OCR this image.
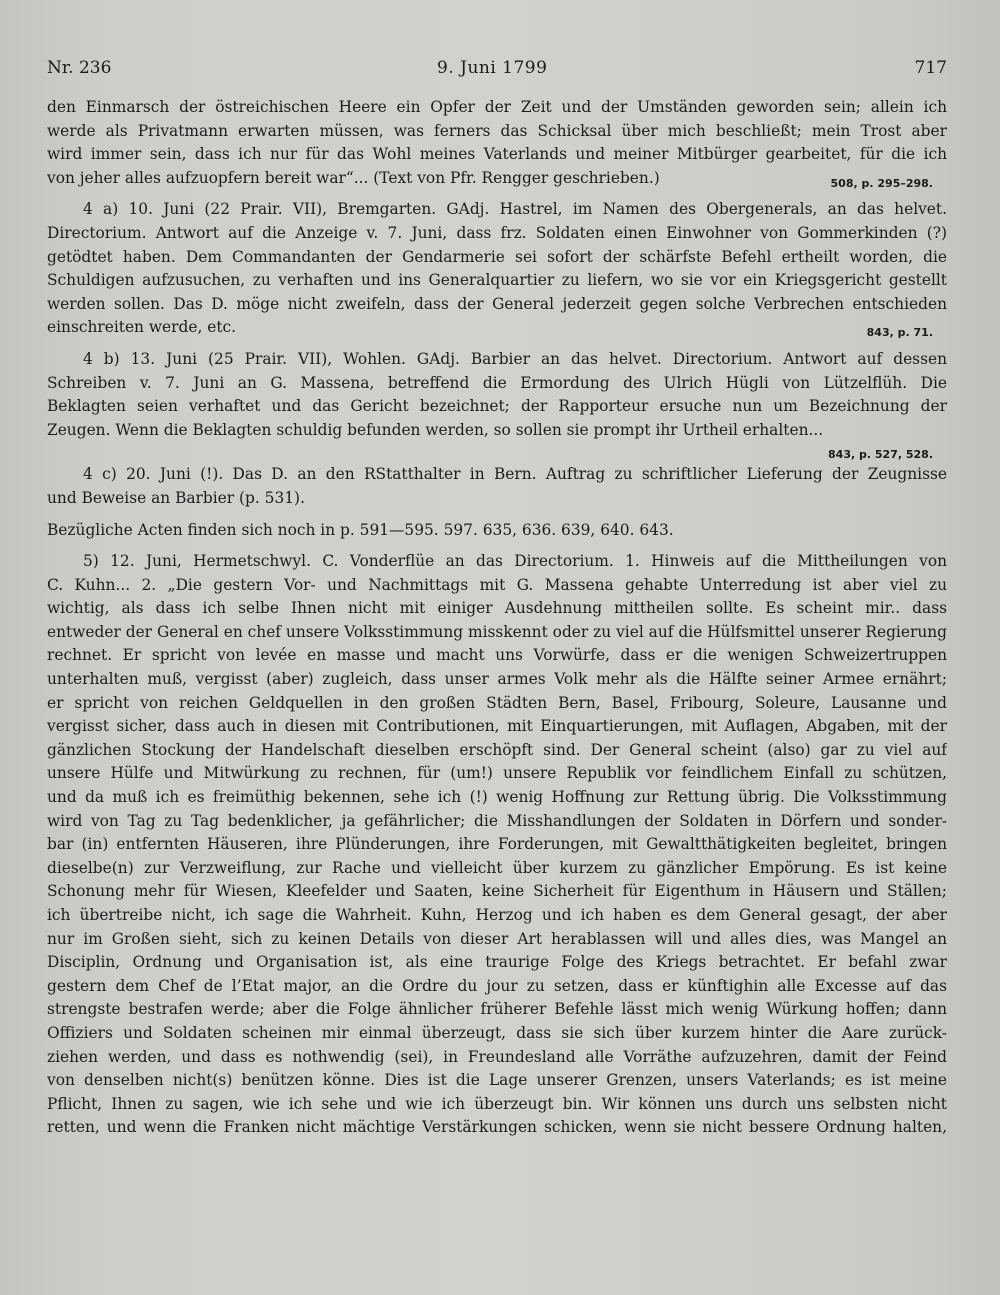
Nr. 236	9. Juni 1799	717
den Einmarsch der östreichischen Heere ein Opfer der Zeit und der Umständen geworden sein; allein ich
werde als Privatmann erwarten müssen, was ferners das Schicksal über mich beschließt; mein Trost aber
wird immer sein, dass ich nur für das Wohl meines Vaterlands und meiner Mitbürger gearbeitet, für die ich
von jeher alles aufzuopfern bereit war“... (Text von Pfr. Rengger geschrieben.)	508, p. 295–298.
4 a) 10. Juni (22 Prair. VII), Bremgarten. GAdj. Hastrel, im Namen des Obergenerals, an das helvet.
Directorium. Antwort auf die Anzeige v. 7. Juni, dass frz. Soldaten einen Einwohner von Gommerkinden (?)
getödtet haben. Dem Commandanten der Gendarmerie sei sofort der schärfste Befehl ertheilt worden, die
Schuldigen aufzusuchen, zu verhaften und ins Generalquartier zu liefern, wo sie vor ein Kriegsgericht gestellt
werden sollen. Das D. möge nicht zweifeln, dass der General jederzeit gegen solche Verbrechen entschieden
einschreiten werde, etc.	843, p. 71.
4 b) 13. Juni (25 Prair. VII), Wohlen. GAdj. Barbier an das helvet. Directorium. Antwort auf dessen
Schreiben v. 7. Juni an G. Massena, betreffend die Ermordung des Ulrich Hügli von Lützelflüh. Die
Beklagten seien verhaftet und das Gericht bezeichnet; der Rapporteur ersuche nun um Bezeichnung der
Zeugen. Wenn die Beklagten schuldig befunden werden, so sollen sie prompt ihr Urtheil erhalten...
843, p. 527, 528.
4 c) 20. Juni (!). Das D. an den RStatthalter in Bern. Auftrag zu schriftlicher Lieferung der Zeugnisse
und Beweise an Barbier (p. 531).
Bezügliche Acten finden sich noch in p. 591—595. 597. 635, 636. 639, 640. 643.
5) 12. Juni, Hermetschwyl. C. Vonderflüe an das Directorium. 1. Hinweis auf die Mittheilungen von
C. Kuhn... 2. „Die gestern Vor- und Nachmittags mit G. Massena gehabte Unterredung ist aber viel zu
wichtig, als dass ich selbe Ihnen nicht mit einiger Ausdehnung mittheilen sollte. Es scheint mir.. dass
entweder der General en chef unsere Volksstimmung misskennt oder zu viel auf die Hülfsmittel unserer Regierung
rechnet. Er spricht von levée en masse und macht uns Vorwürfe, dass er die wenigen Schweizertruppen
unterhalten muß, vergisst (aber) zugleich, dass unser armes Volk mehr als die Hälfte seiner Armee ernährt;
er spricht von reichen Geldquellen in den großen Städten Bern, Basel, Fribourg, Soleure, Lausanne und
vergisst sicher, dass auch in diesen mit Contributionen, mit Einquartierungen, mit Auflagen, Abgaben, mit der
gänzlichen Stockung der Handelschaft dieselben erschöpft sind. Der General scheint (also) gar zu viel auf
unsere Hülfe und Mitwürkung zu rechnen, für (um!) unsere Republik vor feindlichem Einfall zu schützen,
und da muß ich es freimüthig bekennen, sehe ich (!) wenig Hoffnung zur Rettung übrig. Die Volksstimmung
wird von Tag zu Tag bedenklicher, ja gefährlicher; die Misshandlungen der Soldaten in Dörfern und sonder-
bar (in) entfernten Häuseren, ihre Plünderungen, ihre Forderungen, mit Gewaltthätigkeiten begleitet, bringen
dieselbe(n) zur Verzweiflung, zur Rache und vielleicht über kurzem zu gänzlicher Empörung. Es ist keine
Schonung mehr für Wiesen, Kleefelder und Saaten, keine Sicherheit für Eigenthum in Häusern und Ställen;
ich übertreibe nicht, ich sage die Wahrheit. Kuhn, Herzog und ich haben es dem General gesagt, der aber
nur im Großen sieht, sich zu keinen Details von dieser Art herablassen will und alles dies, was Mangel an
Disciplin, Ordnung und Organisation ist, als eine traurige Folge des Kriegs betrachtet. Er befahl zwar
gestern dem Chef de l’Etat major, an die Ordre du jour zu setzen, dass er künftighin alle Excesse auf das
strengste bestrafen werde; aber die Folge ähnlicher früherer Befehle lässt mich wenig Würkung hoffen; dann
Offiziers und Soldaten scheinen mir einmal überzeugt, dass sie sich über kurzem hinter die Aare zurück-
ziehen werden, und dass es nothwendig (sei), in Freundesland alle Vorräthe aufzuzehren, damit der Feind
von denselben nicht(s) benützen könne. Dies ist die Lage unserer Grenzen, unsers Vaterlands; es ist meine
Pflicht, Ihnen zu sagen, wie ich sehe und wie ich überzeugt bin. Wir können uns durch uns selbsten nicht
retten, und wenn die Franken nicht mächtige Verstärkungen schicken, wenn sie nicht bessere Ordnung halten,
